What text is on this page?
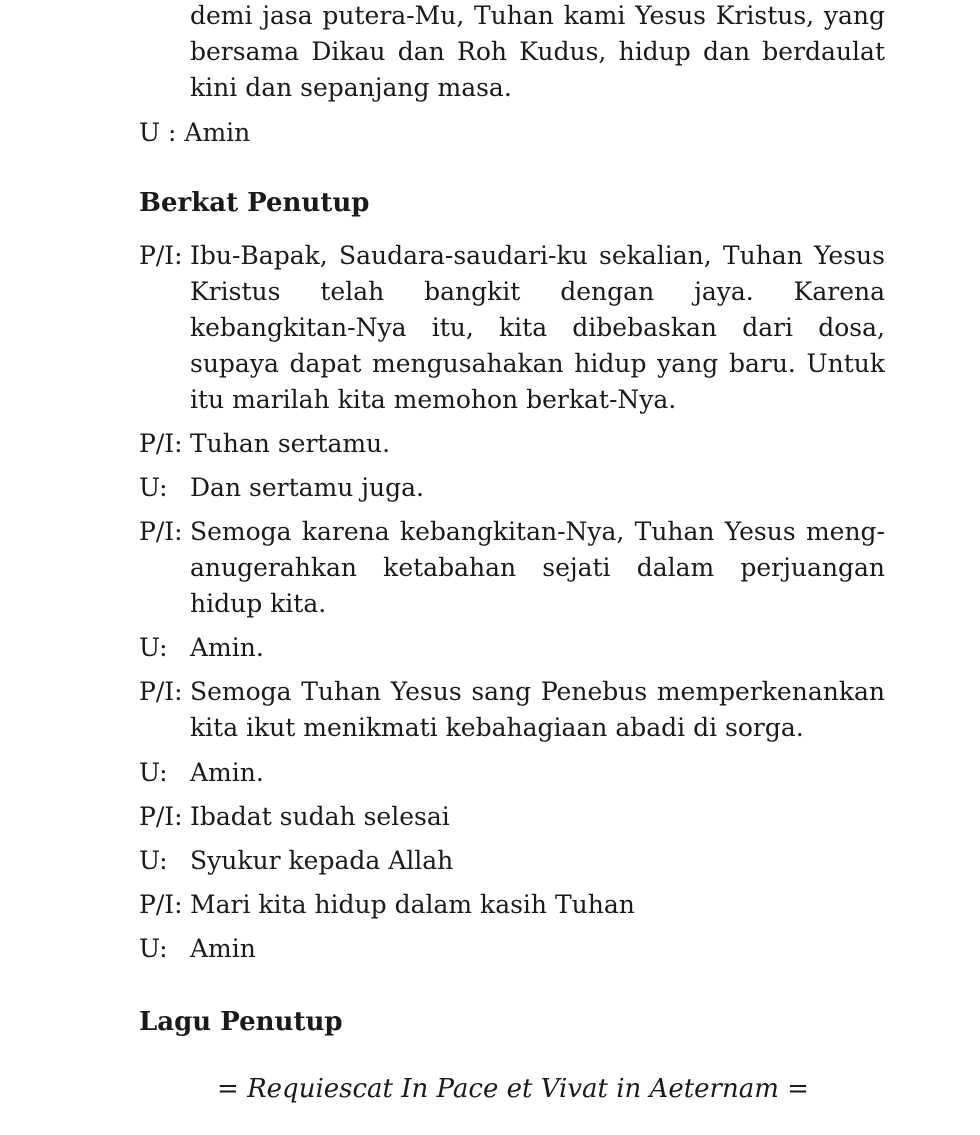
demi jasa putera-Mu, Tuhan kami Yesus Kristus, yang bersama Dikau dan Roh Kudus, hidup dan berdaulat kini dan sepanjang masa.
U : Amin
Berkat Penutup
P/I: Ibu-Bapak, Saudara-saudari-ku sekalian, Tuhan Yesus Kristus telah bangkit dengan jaya. Karena kebangkitan-Nya itu, kita dibebaskan dari dosa, supaya dapat mengusahakan hidup yang baru. Untuk itu marilah kita memohon berkat-Nya.
P/I: Tuhan sertamu.
U: Dan sertamu juga.
P/I: Semoga karena kebangkitan-Nya, Tuhan Yesus meng-anugerahkan ketabahan sejati dalam perjuangan hidup kita.
U: Amin.
P/I: Semoga Tuhan Yesus sang Penebus memperkenankan kita ikut menikmati kebahagiaan abadi di sorga.
U: Amin.
P/I: Ibadat sudah selesai
U: Syukur kepada Allah
P/I: Mari kita hidup dalam kasih Tuhan
U: Amin
Lagu Penutup
= Requiescat In Pace et Vivat in Aeternam =
